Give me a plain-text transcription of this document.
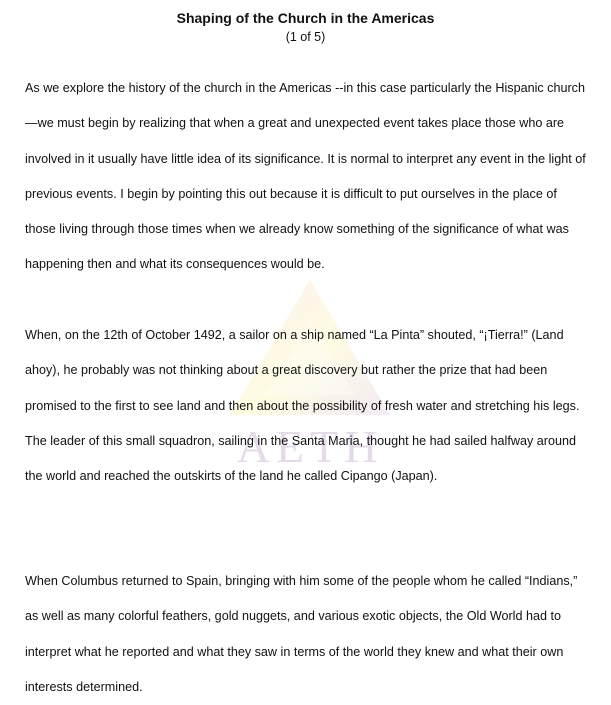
AETH
Shaping of the Church in the Americas
(1 of 5)

As we explore the history of the church in the Americas --in this case particularly the Hispanic church—we must begin by realizing that when a great and unexpected event takes place those who are involved in it usually have little idea of its significance. It is normal to interpret any event in the light of previous events. I begin by pointing this out because it is difficult to put ourselves in the place of those living through those times when we already know something of the significance of what was happening then and what its consequences would be.

When, on the 12th of October 1492, a sailor on a ship named “La Pinta” shouted, “¡Tierra!” (Land ahoy), he probably was not thinking about a great discovery but rather the prize that had been promised to the first to see land and then about the possibility of fresh water and stretching his legs. The leader of this small squadron, sailing in the Santa Maria, thought he had sailed halfway around the world and reached the outskirts of the land he called Cipango (Japan).

When Columbus returned to Spain, bringing with him some of the people whom he called “Indians,” as well as many colorful feathers, gold nuggets, and various exotic objects, the Old World had to interpret what he reported and what they saw in terms of the world they knew and what their own interests determined.
